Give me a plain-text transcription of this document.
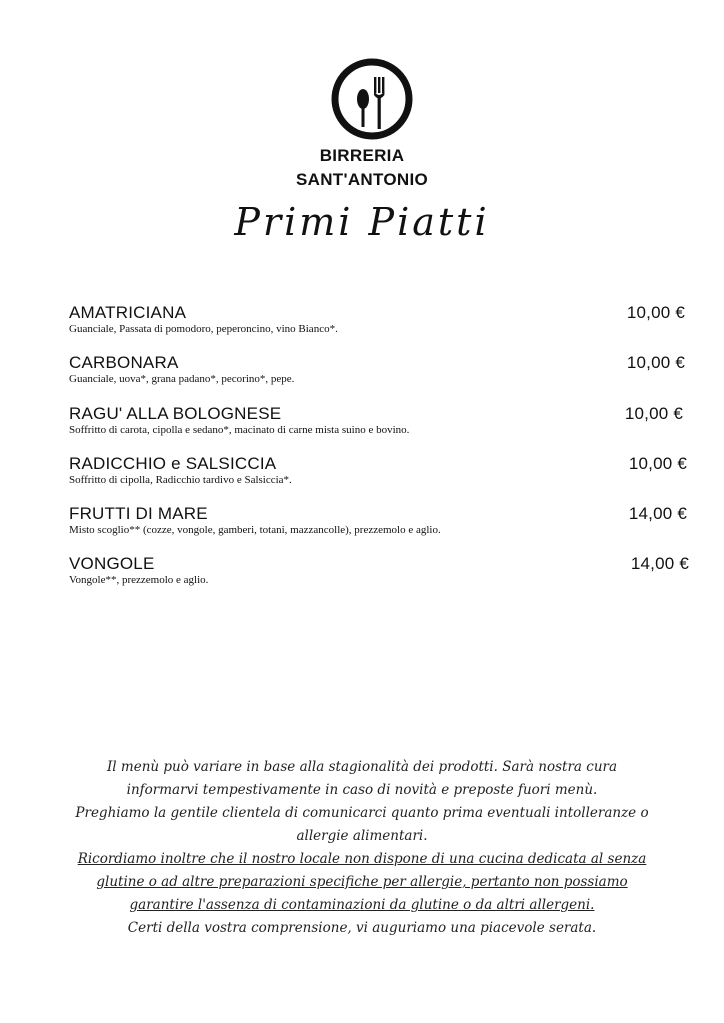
BIRRERIA
SANT'ANTONIO
Primi Piatti
AMATRICIANA	10,00 €
Guanciale, Passata di pomodoro, peperoncino, vino Bianco*.
CARBONARA	10,00 €
Guanciale, uova*, grana padano*, pecorino*, pepe.
RAGU' ALLA BOLOGNESE	10,00 €
Soffritto di carota, cipolla e sedano*, macinato di carne mista suino e bovino.
RADICCHIO e SALSICCIA	10,00 €
Soffritto di cipolla, Radicchio tardivo e Salsiccia*.
FRUTTI DI MARE	14,00 €
Misto scoglio** (cozze, vongole, gamberi, totani, mazzancolle), prezzemolo e aglio.
VONGOLE	14,00 €
Vongole**, prezzemolo e aglio.

Il menù può variare in base alla stagionalità dei prodotti. Sarà nostra cura

informarvi tempestivamente in caso di novità e preposte fuori menù.

Preghiamo la gentile clientela di comunicarci quanto prima eventuali intolleranze o

allergie alimentari.

Ricordiamo inoltre che il nostro locale non dispone di una cucina dedicata al senza

glutine o ad altre preparazioni specifiche per allergie, pertanto non possiamo

garantire l'assenza di contaminazioni da glutine o da altri allergeni.

Certi della vostra comprensione, vi auguriamo una piacevole serata.
